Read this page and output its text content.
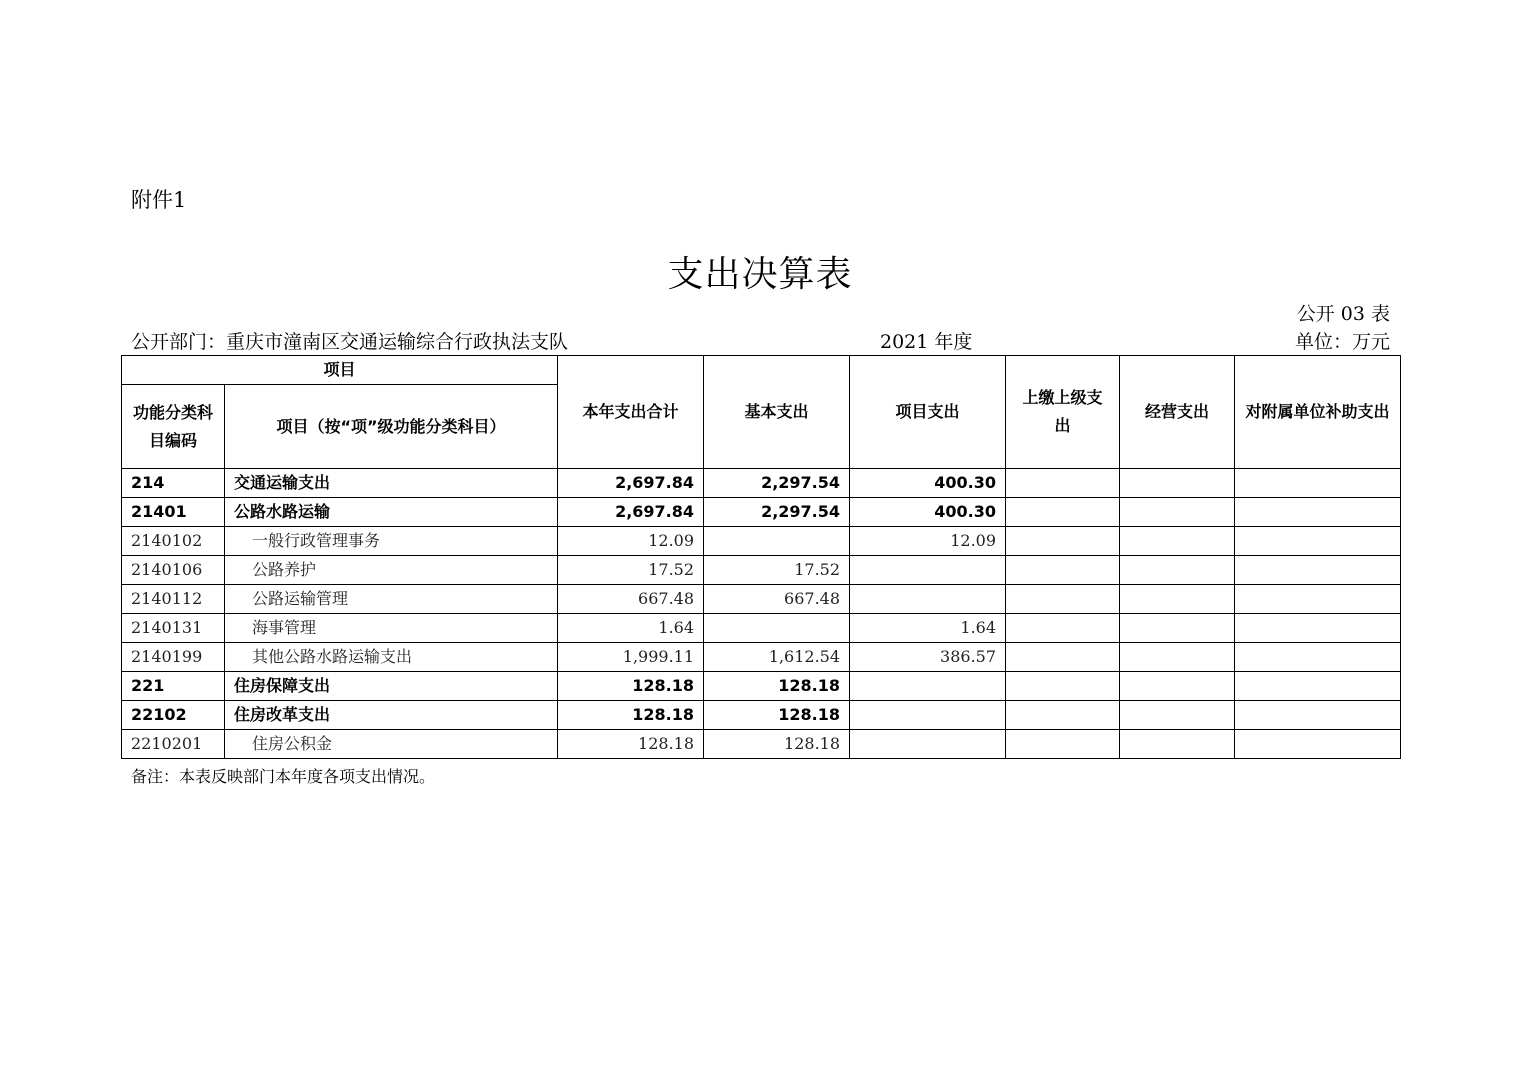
附件1
支出决算表
公开 03 表
公开部门：重庆市潼南区交通运输综合行政执法支队	2021 年度	单位：万元
项目		本年支出合计	基本支出	项目支出	上缴上级支出	经营支出	对附属单位补助支出
功能分类科目编码	项目（按“项”级功能分类科目）						
214	交通运输支出	2,697.84	2,297.54	400.30			
21401	公路水路运输	2,697.84	2,297.54	400.30			
2140102	一般行政管理事务	12.09		12.09			
2140106	公路养护	17.52	17.52				
2140112	公路运输管理	667.48	667.48				
2140131	海事管理	1.64		1.64			
2140199	其他公路水路运输支出	1,999.11	1,612.54	386.57			
221	住房保障支出	128.18	128.18				
22102	住房改革支出	128.18	128.18				
2210201	住房公积金	128.18	128.18				
备注：本表反映部门本年度各项支出情况。
